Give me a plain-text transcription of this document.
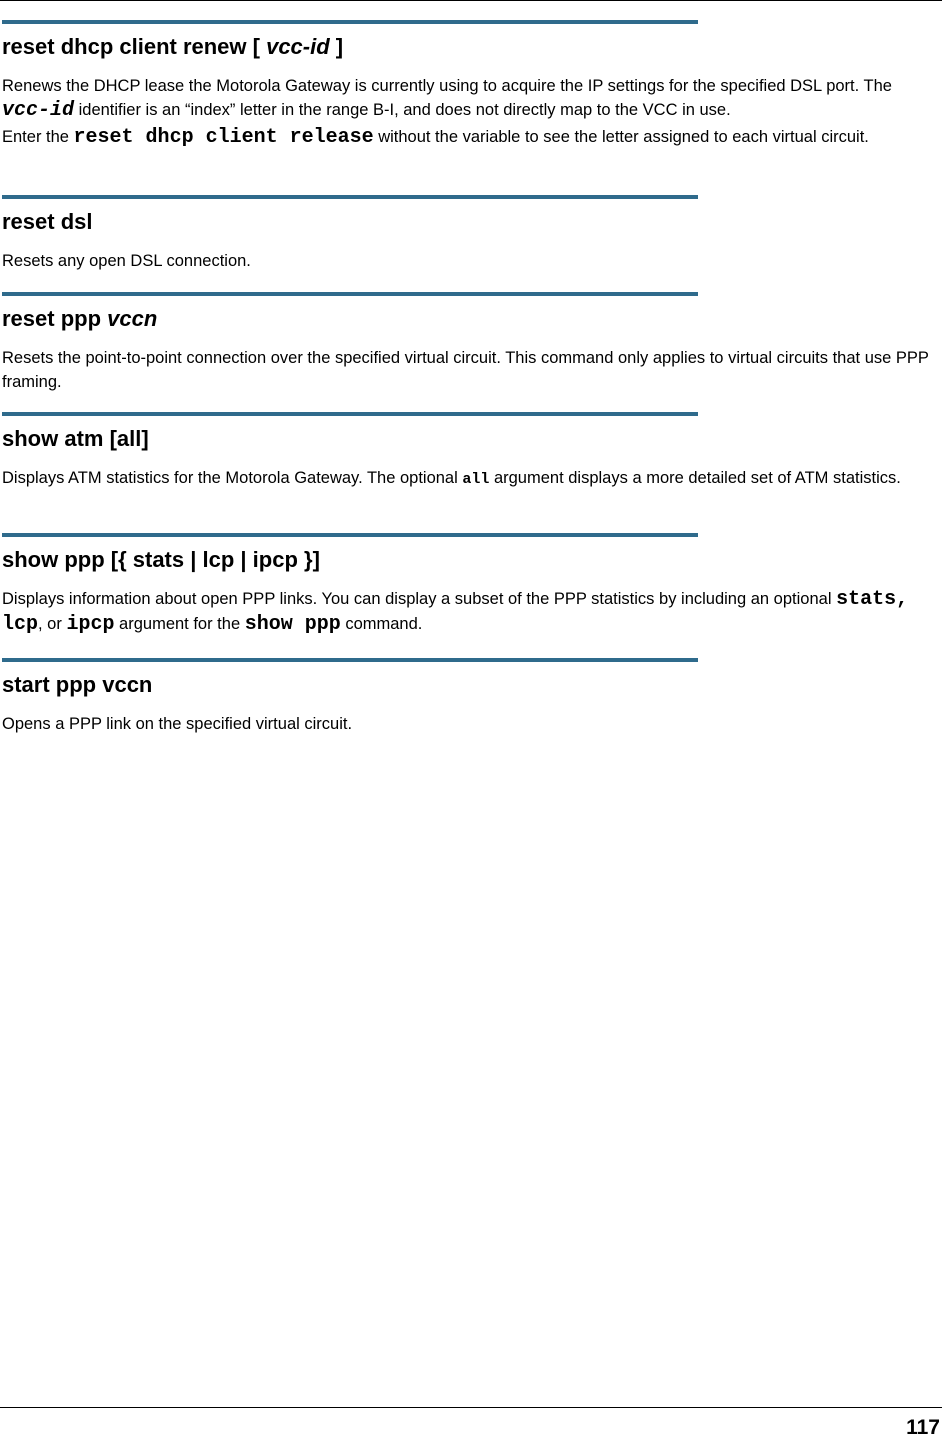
reset dhcp client renew [ vcc-id ]

Renews the DHCP lease the Motorola Gateway is currently using to acquire the IP settings for the specified DSL port. The vcc-id identifier is an “index” letter in the range B-I, and does not directly map to the VCC in use.

Enter the reset dhcp client release without the variable to see the letter assigned to each virtual circuit.

reset dsl

Resets any open DSL connection.

reset ppp vccn

Resets the point-to-point connection over the specified virtual circuit. This command only applies to virtual circuits that use PPP framing.

show atm [all]

Displays ATM statistics for the Motorola Gateway. The optional all argument displays a more detailed set of ATM statistics.

show ppp [{ stats | lcp | ipcp }]

Displays information about open PPP links. You can display a subset of the PPP statistics by including an optional stats, lcp, or ipcp argument for the show ppp command.

start ppp vccn

Opens a PPP link on the specified virtual circuit.

117
